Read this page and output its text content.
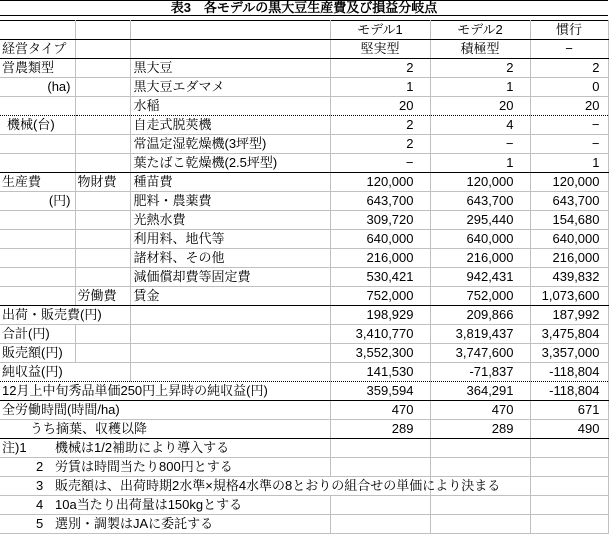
表3　各モデルの黒大豆生産費及び損益分岐点
			モデル1	モデル2	慣行
経営タイプ			堅実型	積極型	−
営農類型		黒大豆	2	2	2
(ha)		黒大豆エダマメ	1	1	0
		水稲	20	20	20
機械(台)		自走式脱莢機	2	4	−
		常温定湿乾燥機(3坪型)	2	−	−
		葉たばこ乾燥機(2.5坪型)	−	1	1
生産費	物財費	種苗費	120,000	120,000	120,000
(円)		肥料・農薬費	643,700	643,700	643,700
		光熱水費	309,720	295,440	154,680
		利用料、地代等	640,000	640,000	640,000
		諸材料、その他	216,000	216,000	216,000
		減価償却費等固定費	530,421	942,431	439,832
	労働費	賃金	752,000	752,000	1,073,600
出荷・販売費(円)			198,929	209,866	187,992
合計(円)			3,410,770	3,819,437	3,475,804
販売額(円)			3,552,300	3,747,600	3,357,000
純収益(円)			141,530	-71,837	-118,804
12月上中旬秀品単価250円上昇時の純収益(円)			359,594	364,291	-118,804
全労働時間(時間/ha)			470	470	671
うち摘葉、収穫以降			289	289	490
注)1 機械は1/2補助により導入する					
2 労賃は時間当たり800円とする					
3 販売額は、出荷時期2水準×規格4水準の8とおりの組合せの単価により決まる					
4 10a当たり出荷量は150kgとする					
5 選別・調製はJAに委託する					
